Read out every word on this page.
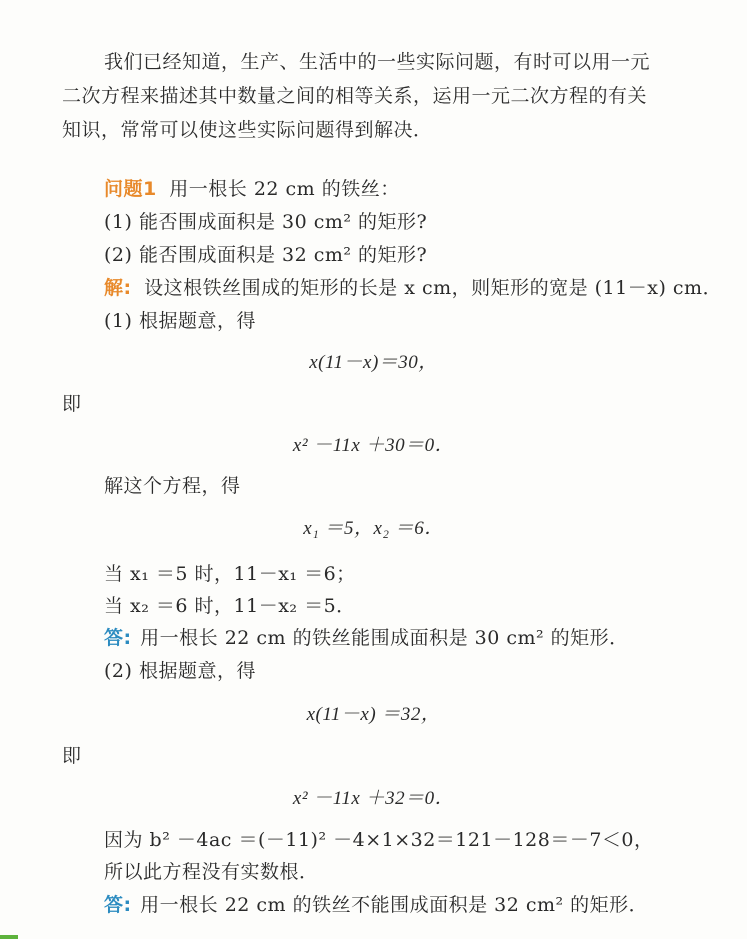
我们已经知道，生产、生活中的一些实际问题，有时可以用一元
二次方程来描述其中数量之间的相等关系，运用一元二次方程的有关
知识，常常可以使这些实际问题得到解决．
问题1 用一根长 22 cm 的铁丝：
(1) 能否围成面积是 30 cm² 的矩形?
(2) 能否围成面积是 32 cm² 的矩形?
解: 设这根铁丝围成的矩形的长是 x cm，则矩形的宽是 (11－x) cm．
(1) 根据题意，得
x(11－x)＝30，
即
x² －11x ＋30＝0．
解这个方程，得
x₁ ＝5，x₂ ＝6．
当 x₁ ＝5 时，11－x₁ ＝6；
当 x₂ ＝6 时，11－x₂ ＝5．
答: 用一根长 22 cm 的铁丝能围成面积是 30 cm² 的矩形．
(2) 根据题意，得
x(11－x) ＝32，
即
x² －11x ＋32＝0．
因为 b² －4ac ＝(－11)² －4×1×32＝121－128＝－7＜0，
所以此方程没有实数根．
答: 用一根长 22 cm 的铁丝不能围成面积是 32 cm² 的矩形．
